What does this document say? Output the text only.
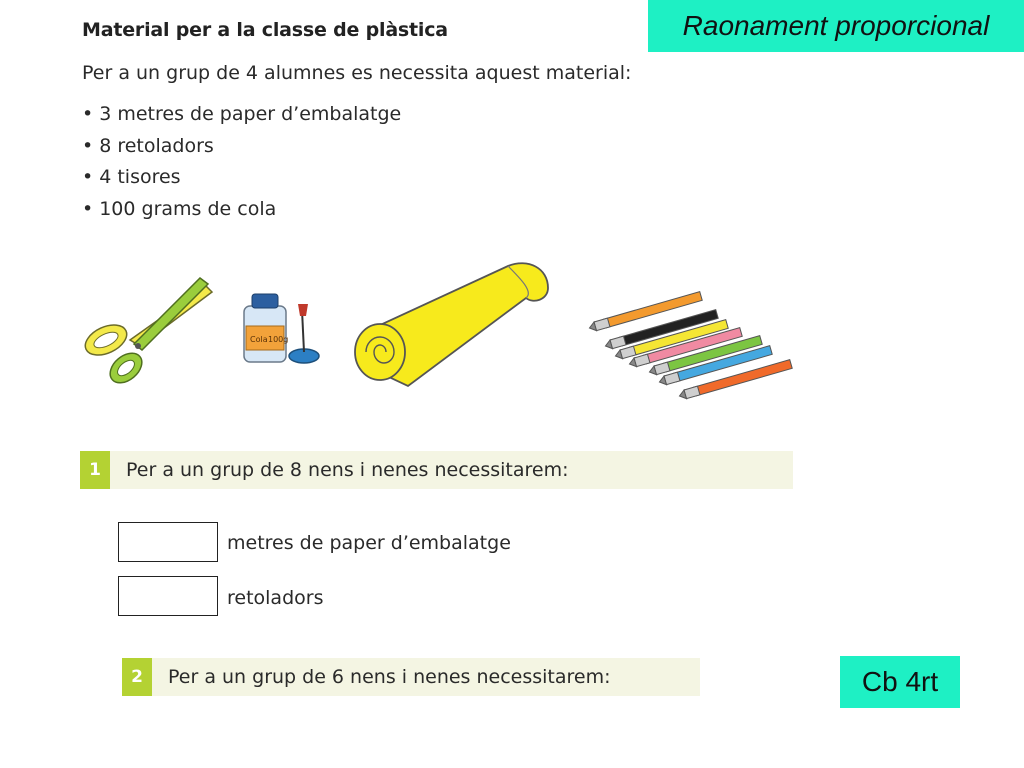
Raonament proporcional
Material per a la classe de plàstica
Per a un grup de 4 alumnes es necessita aquest material:
• 3 metres de paper d’embalatge
• 8 retoladors
• 4 tisores
• 100 grams de cola
Cola 100g
1	Per a un grup de 8 nens i nenes necessitarem:
metres de paper d’embalatge
retoladors
2	Per a un grup de 6 nens i nenes necessitarem:	Cb 4rt
